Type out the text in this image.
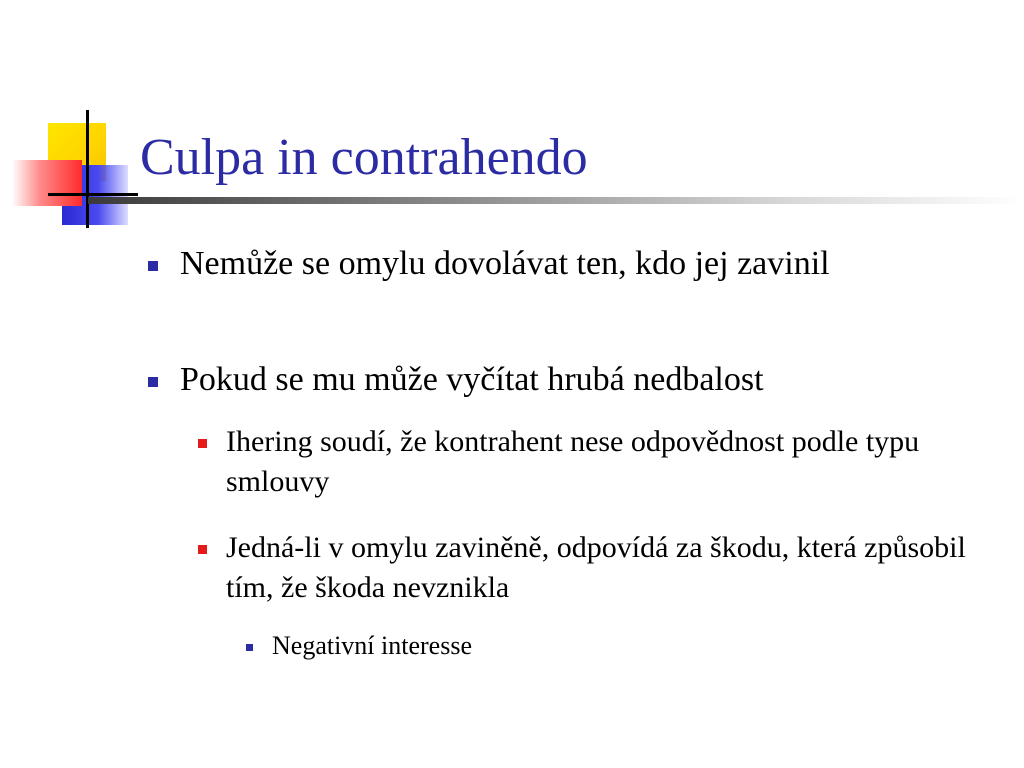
Culpa in contrahendo
Nemůže se omylu dovolávat ten, kdo jej zavinil
Pokud se mu může vyčítat hrubá nedbalost
Ihering soudí, že kontrahent nese odpovědnost podle typu smlouvy
Jedná-li v omylu zaviněně, odpovídá za škodu, která způsobil tím, že škoda nevznikla
Negativní interesse
